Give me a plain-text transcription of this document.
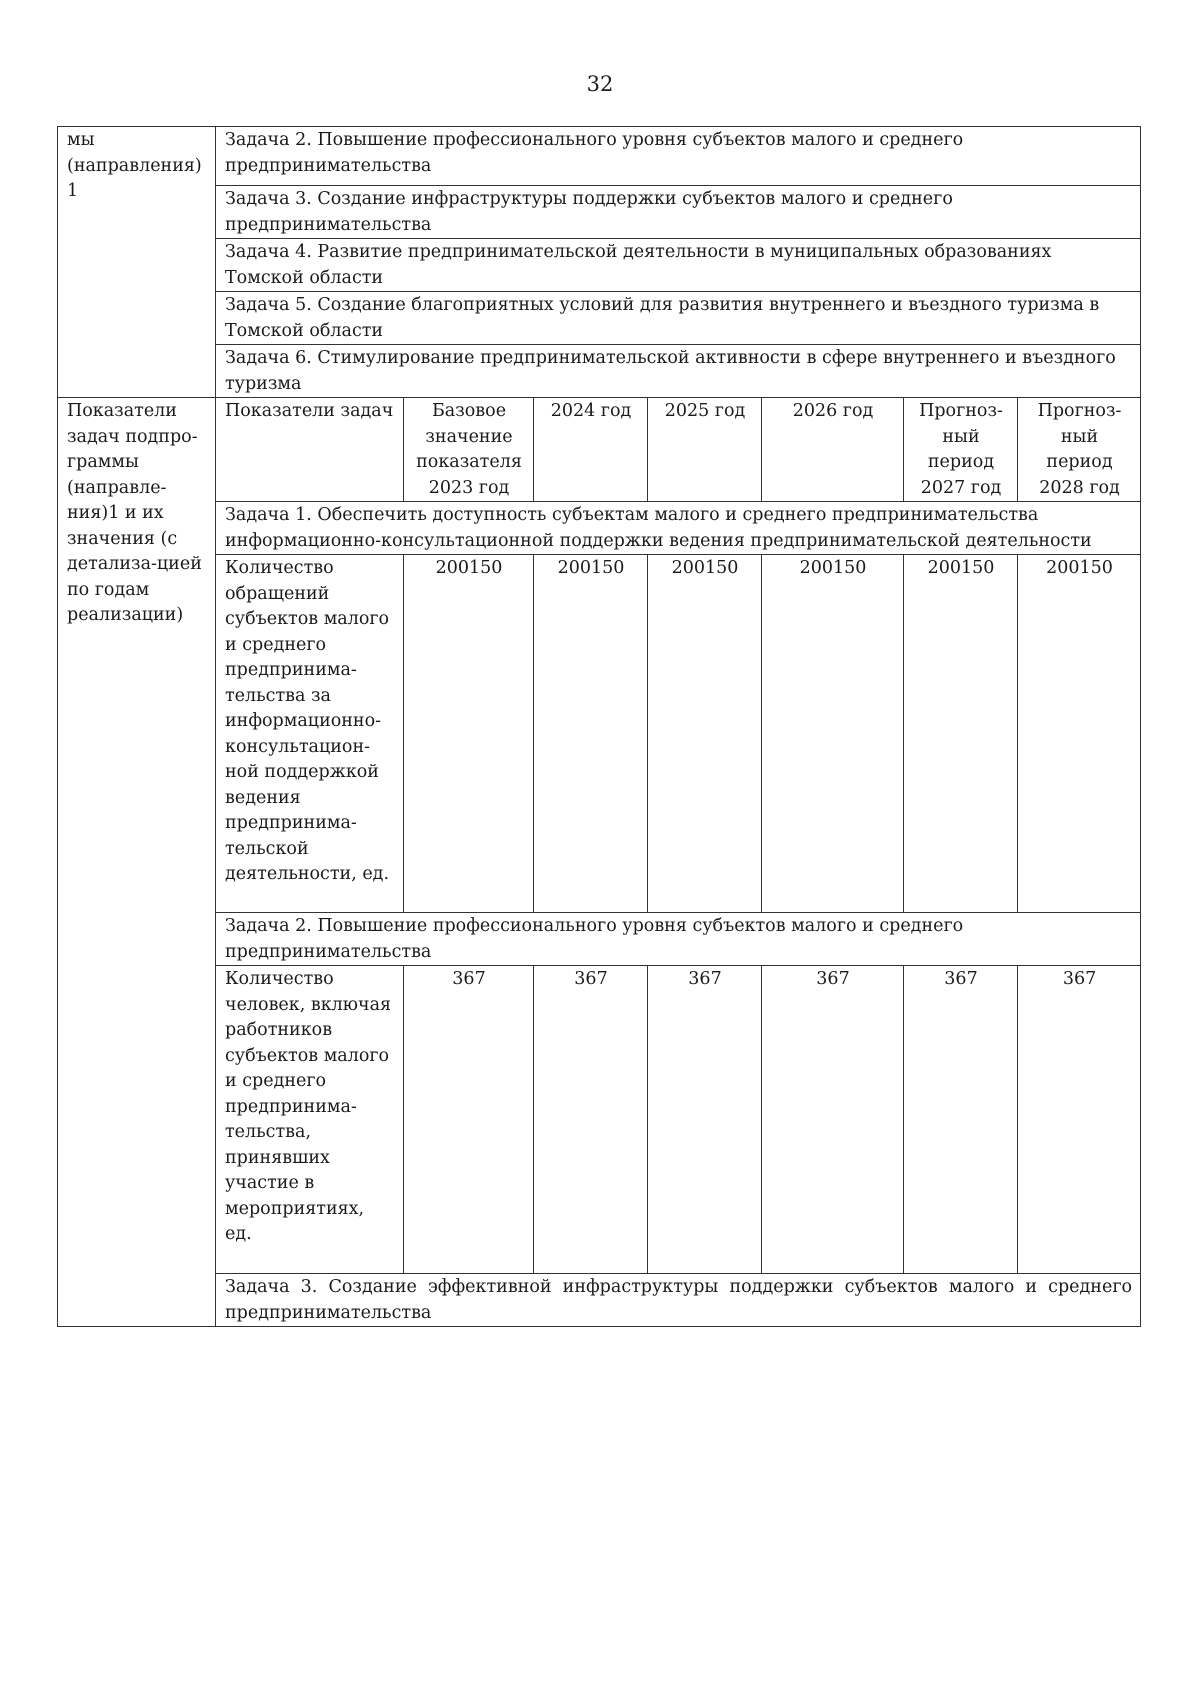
32
мы (направления) 1	Задача 2. Повышение профессионального уровня субъектов малого и среднего предпринимательства						
	Задача 3. Создание инфраструктуры поддержки субъектов малого и среднего предпринимательства						
	Задача 4. Развитие предпринимательской деятельности в муниципальных образованиях Томской области						
	Задача 5. Создание благоприятных условий для развития внутреннего и въездного туризма в Томской области						
	Задача 6. Стимулирование предпринимательской активности в сфере внутреннего и въездного туризма						
Показатели задач подпро-граммы (направле-ния)1 и их значения (с детализа-цией по годам реализации)	Показатели задач	Базовое значение показателя 2023 год	2024 год	2025 год	2026 год	Прогноз-ный период 2027 год	Прогноз-ный период 2028 год
	Задача 1. Обеспечить доступность субъектам малого и среднего предпринимательства информационно-консультационной поддержки ведения предпринимательской деятельности						
	Количество обращений субъектов малого и среднего предпринима-тельства за информационно-консультацион-ной поддержкой ведения предпринима-тельской деятельности, ед.	200150	200150	200150	200150	200150	200150
	Задача 2. Повышение профессионального уровня субъектов малого и среднего предпринимательства						
	Количество человек, включая работников субъектов малого и среднего предпринима-тельства, принявших участие в мероприятиях, ед.	367	367	367	367	367	367
	Задача 3. Создание эффективной инфраструктуры поддержки субъектов малого и среднего предпринимательства						
